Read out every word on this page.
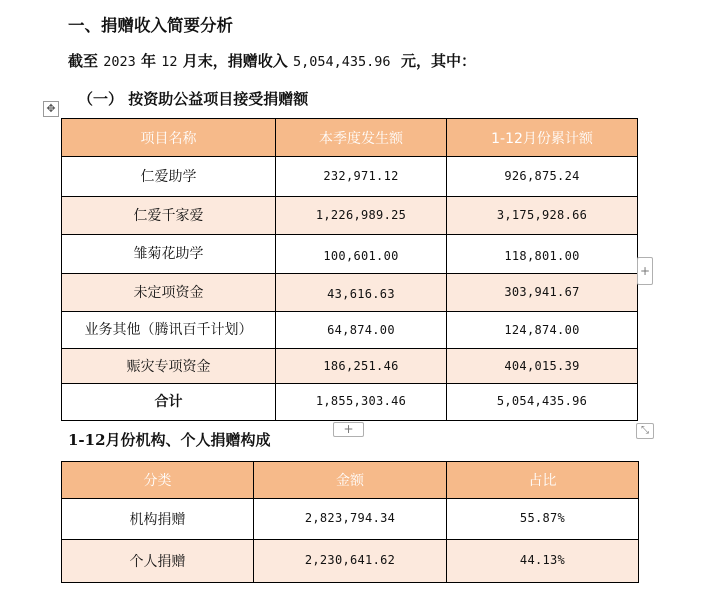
一、捐赠收入简要分析
截至 2023 年 12 月末，捐赠收入 5,054,435.96 元，其中：
（一） 按资助公益项目接受捐赠额
✥
项目名称	本季度发生额	1-12月份累计额

仁爱助学	232,971.12	926,875.24

仁爱千家爱	1,226,989.25	3,175,928.66

雏菊花助学	100,601.00	118,801.00

未定项资金	43,616.63	303,941.67

业务其他（腾讯百千计划）	64,874.00	124,874.00

赈灾专项资金	186,251.46	404,015.39

合计	1,855,303.46	5,054,435.96
+
+	⤡
1-12月份机构、个人捐赠构成
分类	金额	占比

机构捐赠	2,823,794.34	55.87%

个人捐赠	2,230,641.62	44.13%
